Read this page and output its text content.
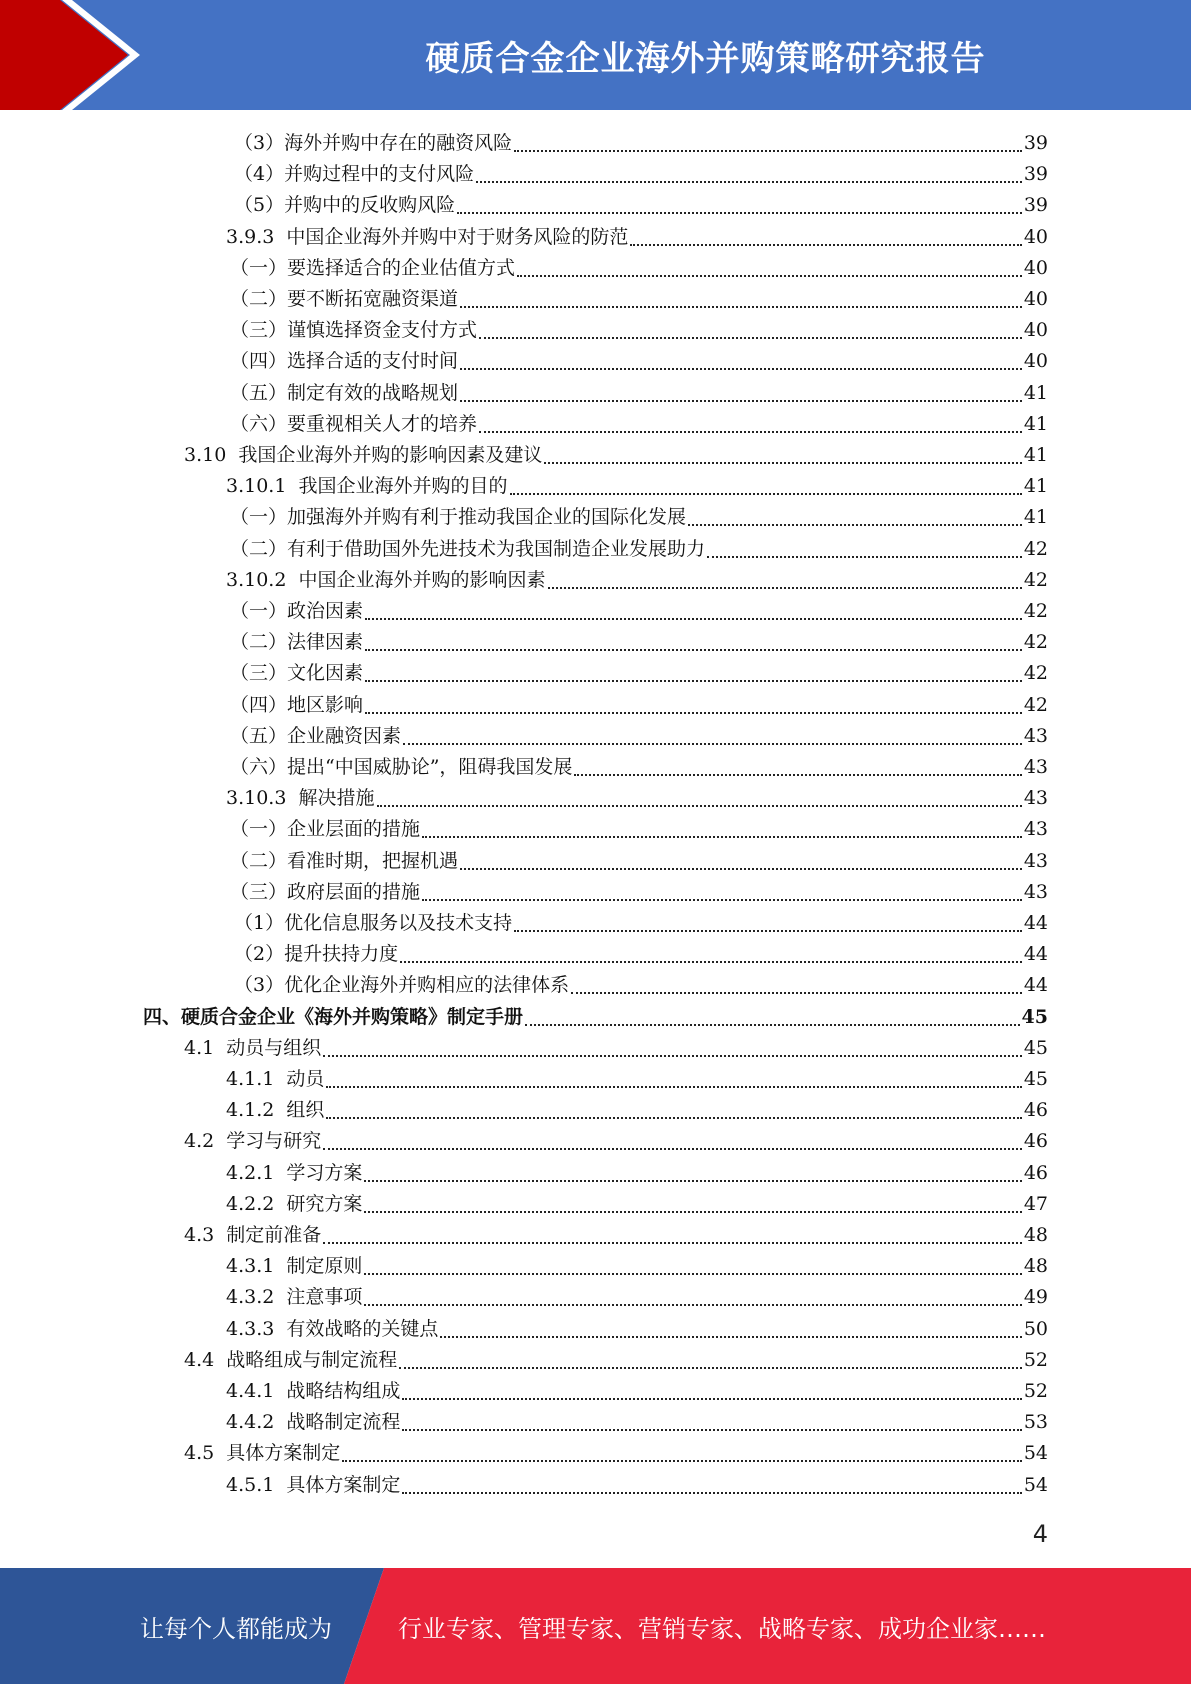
硬质合金企业海外并购策略研究报告
（3）海外并购中存在的融资风险	39
（4）并购过程中的支付风险	39
（5）并购中的反收购风险	39
3.9.3  中国企业海外并购中对于财务风险的防范	40
（一）要选择适合的企业估值方式	40
（二）要不断拓宽融资渠道	40
（三）谨慎选择资金支付方式	40
（四）选择合适的支付时间	40
（五）制定有效的战略规划	41
（六）要重视相关人才的培养	41
3.10  我国企业海外并购的影响因素及建议	41
3.10.1  我国企业海外并购的目的	41
（一）加强海外并购有利于推动我国企业的国际化发展	41
（二）有利于借助国外先进技术为我国制造企业发展助力	42
3.10.2  中国企业海外并购的影响因素	42
（一）政治因素	42
（二）法律因素	42
（三）文化因素	42
（四）地区影响	42
（五）企业融资因素	43
（六）提出“中国威胁论”，阻碍我国发展	43
3.10.3  解决措施	43
（一）企业层面的措施	43
（二）看准时期，把握机遇	43
（三）政府层面的措施	43
（1）优化信息服务以及技术支持	44
（2）提升扶持力度	44
（3）优化企业海外并购相应的法律体系	44
四、硬质合金企业《海外并购策略》制定手册	45
4.1  动员与组织	45
4.1.1  动员	45
4.1.2  组织	46
4.2  学习与研究	46
4.2.1  学习方案	46
4.2.2  研究方案	47
4.3  制定前准备	48
4.3.1  制定原则	48
4.3.2  注意事项	49
4.3.3  有效战略的关键点	50
4.4  战略组成与制定流程	52
4.4.1  战略结构组成	52
4.4.2  战略制定流程	53
4.5  具体方案制定	54
4.5.1  具体方案制定	54
4
让每个人都能成为	行业专家、管理专家、营销专家、战略专家、成功企业家……
